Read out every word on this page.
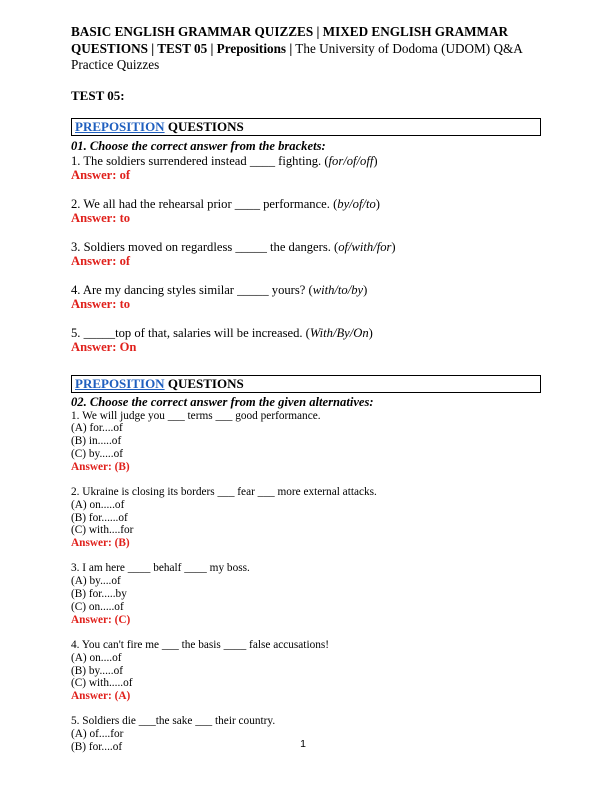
BASIC ENGLISH GRAMMAR QUIZZES | MIXED ENGLISH GRAMMAR QUESTIONS | TEST 05 | Prepositions | The University of Dodoma (UDOM) Q&A Practice Quizzes
TEST 05:
PREPOSITION QUESTIONS
01. Choose the correct answer from the brackets:
1. The soldiers surrendered instead ____ fighting. (for/of/off)
Answer: of
2. We all had the rehearsal prior ____ performance. (by/of/to)
Answer: to
3. Soldiers moved on regardless _____ the dangers. (of/with/for)
Answer: of
4. Are my dancing styles similar _____ yours? (with/to/by)
Answer: to
5. _____top of that, salaries will be increased. (With/By/On)
Answer: On
PREPOSITION QUESTIONS
02. Choose the correct answer from the given alternatives:
1. We will judge you ___ terms ___ good performance.
(A) for....of
(B) in.....of
(C) by.....of
Answer: (B)
2. Ukraine is closing its borders ___ fear ___ more external attacks.
(A) on.....of
(B) for......of
(C) with....for
Answer: (B)
3. I am here ____ behalf ____ my boss.
(A) by....of
(B) for.....by
(C) on.....of
Answer: (C)
4. You can't fire me ___ the basis ____ false accusations!
(A) on....of
(B) by.....of
(C) with.....of
Answer: (A)
5. Soldiers die ___the sake ___ their country.
(A) of....for
(B) for....of	1
